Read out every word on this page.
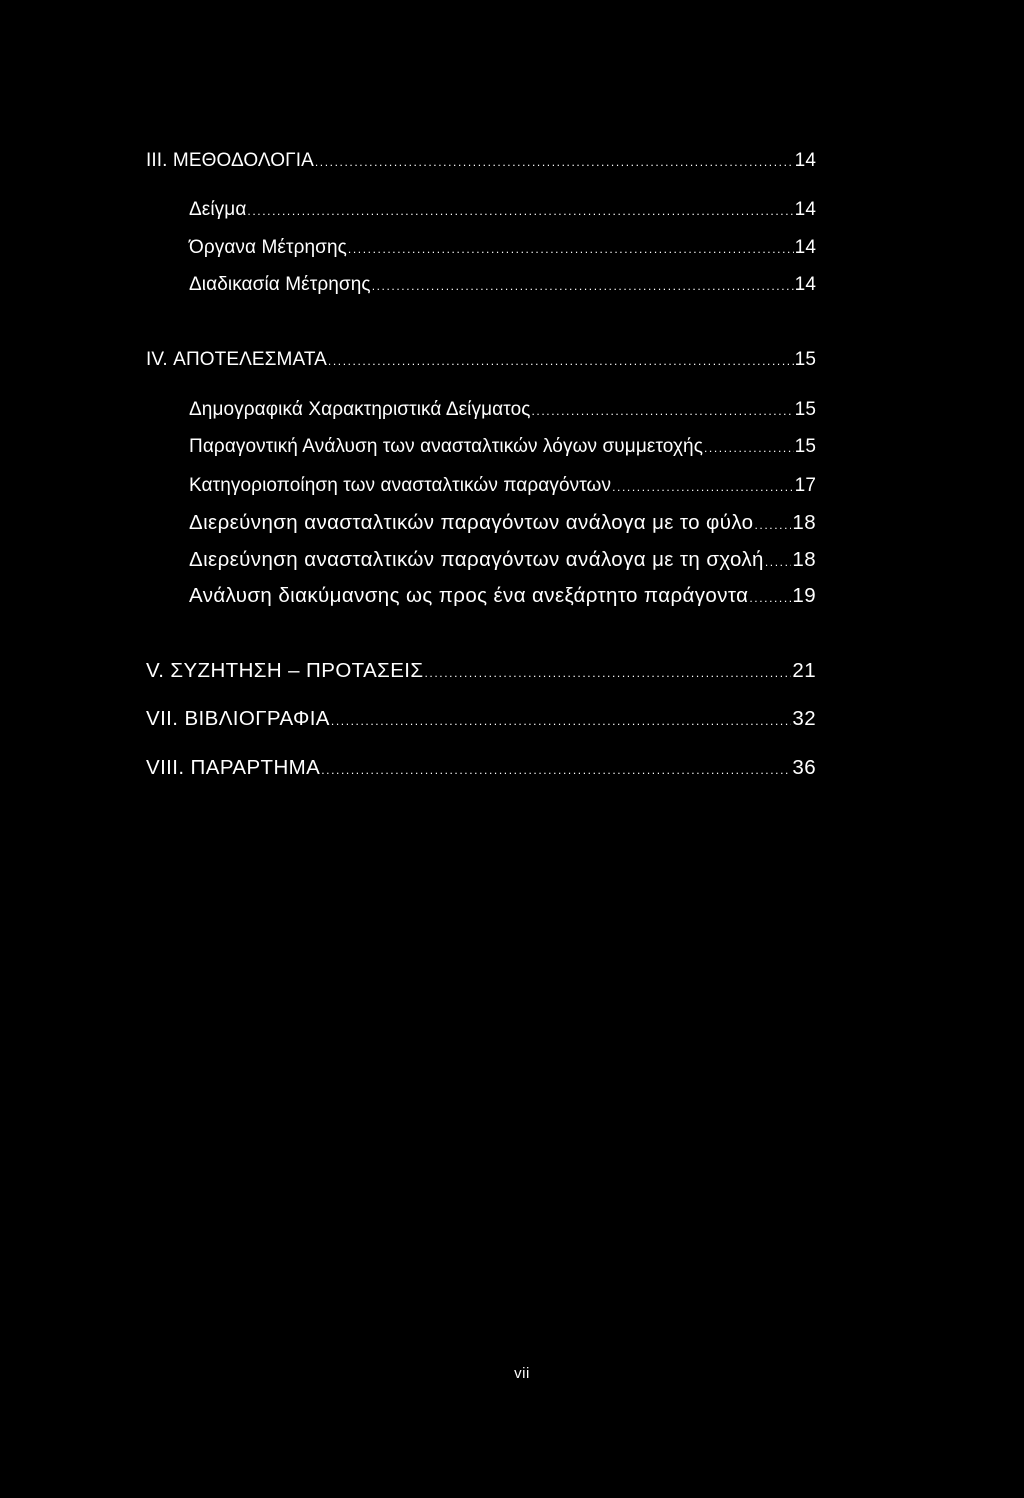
III. ΜΕΘΟΔΟΛΟΓΙΑ .....	14
Δείγμα .....	14
Όργανα Μέτρησης .....	14
Διαδικασία Μέτρησης .....	14
IV. ΑΠΟΤΕΛΕΣΜΑΤΑ .....	15
Δημογραφικά Χαρακτηριστικά Δείγματος .....	15
Παραγοντική Ανάλυση των ανασταλτικών λόγων συμμετοχής .....	15
Κατηγοριοποίηση των ανασταλτικών παραγόντων .....	17
Διερεύνηση ανασταλτικών παραγόντων ανάλογα με το φύλο ..... 18
Διερεύνηση ανασταλτικών παραγόντων ανάλογα με τη σχολή ..... 18
Ανάλυση διακύμανσης ως προς ένα ανεξάρτητο παράγοντα ..... 19
V. ΣΥΖΗΤΗΣΗ – ΠΡΟΤΑΣΕΙΣ .....	21
VII. ΒΙΒΛΙΟΓΡΑΦΙΑ .....	32
VIII. ΠΑΡΑΡΤΗΜΑ .....	36
vii
